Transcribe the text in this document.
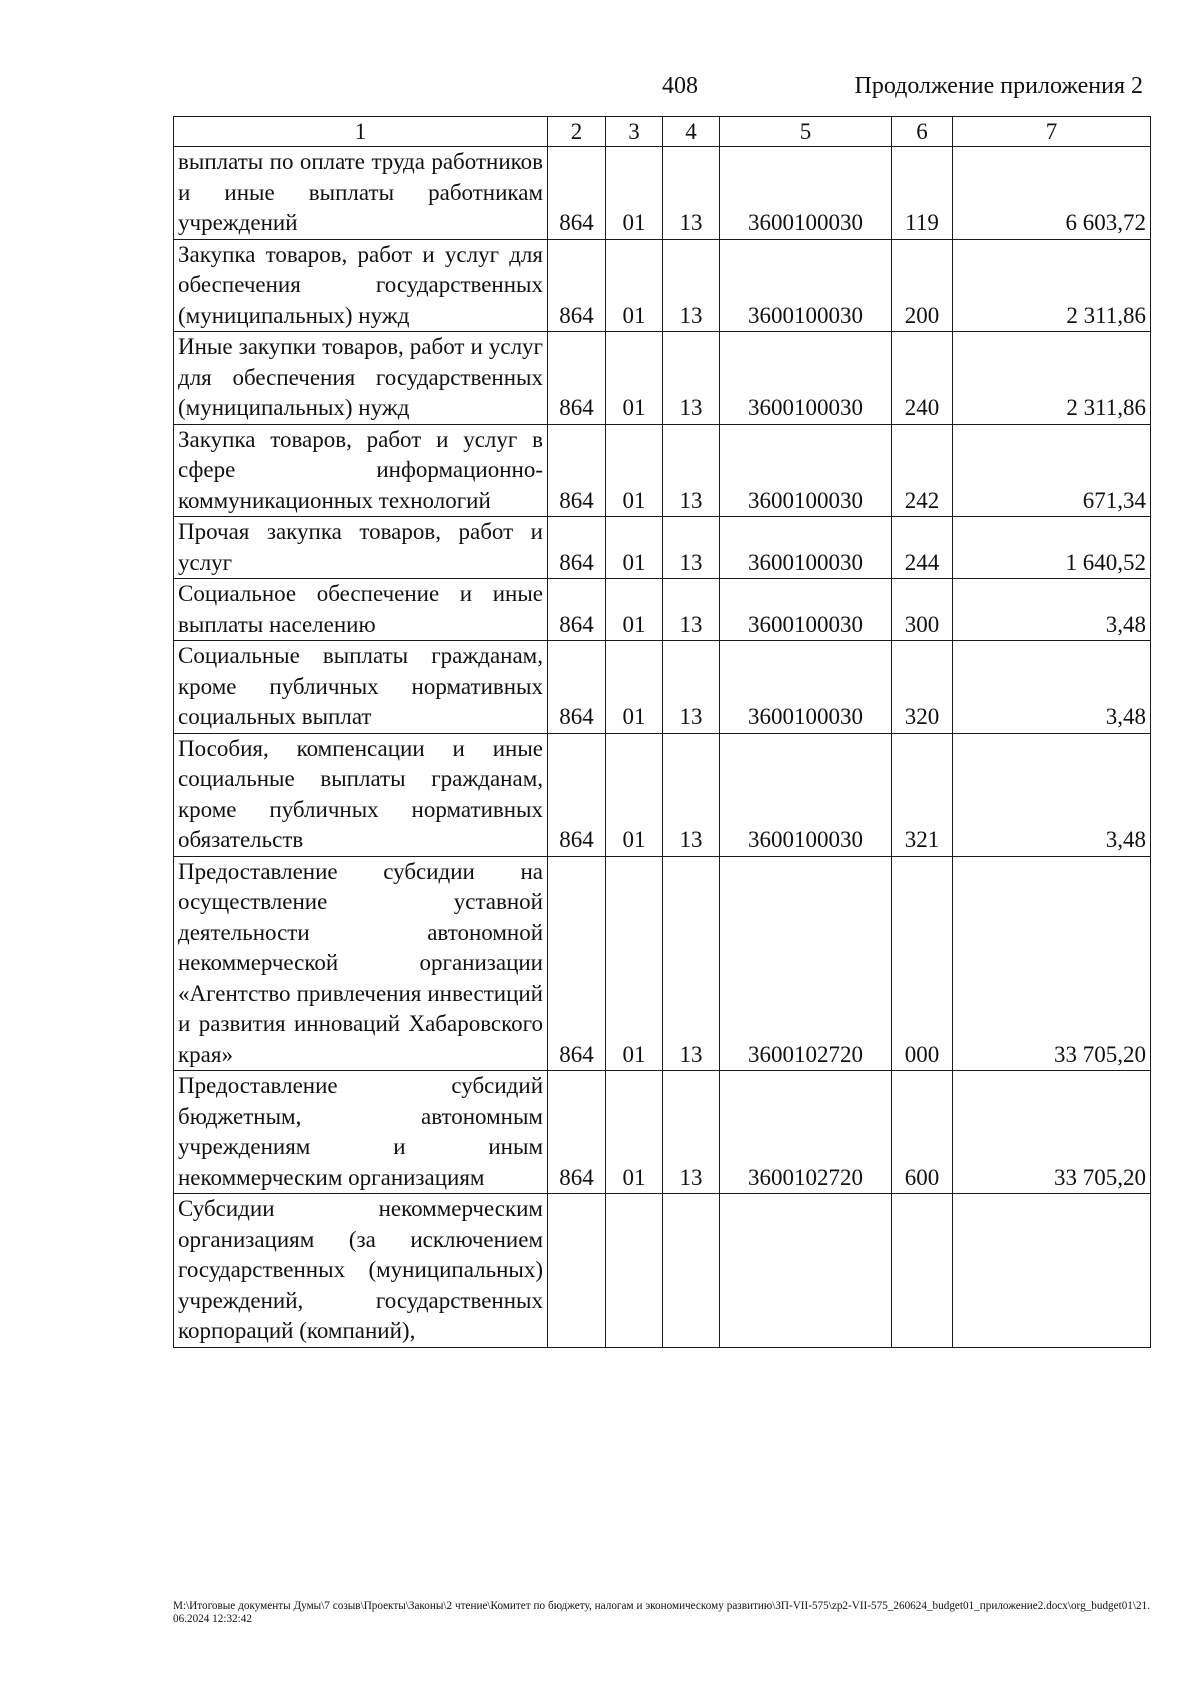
408	Продолжение приложения 2
1	2	3	4	5	6	7
выплаты по оплате труда работников и иные выплаты работникам учреждений	864	01	13	3600100030	119	6 603,72
Закупка товаров, работ и услуг для обеспечения государственных (муниципальных) нужд	864	01	13	3600100030	200	2 311,86
Иные закупки товаров, работ и услуг для обеспечения государственных (муниципальных) нужд	864	01	13	3600100030	240	2 311,86
Закупка товаров, работ и услуг в сфере информационно-коммуникационных технологий	864	01	13	3600100030	242	671,34
Прочая закупка товаров, работ и услуг	864	01	13	3600100030	244	1 640,52
Социальное обеспечение и иные выплаты населению	864	01	13	3600100030	300	3,48
Социальные выплаты гражданам, кроме публичных нормативных социальных выплат	864	01	13	3600100030	320	3,48
Пособия, компенсации и иные социальные выплаты гражданам, кроме публичных нормативных обязательств	864	01	13	3600100030	321	3,48
Предоставление субсидии на осуществление уставной деятельности автономной некоммерческой организации «Агентство привлечения инвестиций и развития инноваций Хабаровского края»	864	01	13	3600102720	000	33 705,20
Предоставление субсидий бюджетным, автономным учреждениям и иным некоммерческим организациям	864	01	13	3600102720	600	33 705,20
Субсидии некоммерческим организациям (за исключением государственных (муниципальных) учреждений, государственных корпораций (компаний),						
М:\Итоговые документы Думы\7 созыв\Проекты\Законы\2 чтение\Комитет по бюджету, налогам и экономическому развитию\ЗП-VII-575\zp2-VII-575_260624_budget01_приложение2.docx\org_budget01\21.06.2024 12:32:42
